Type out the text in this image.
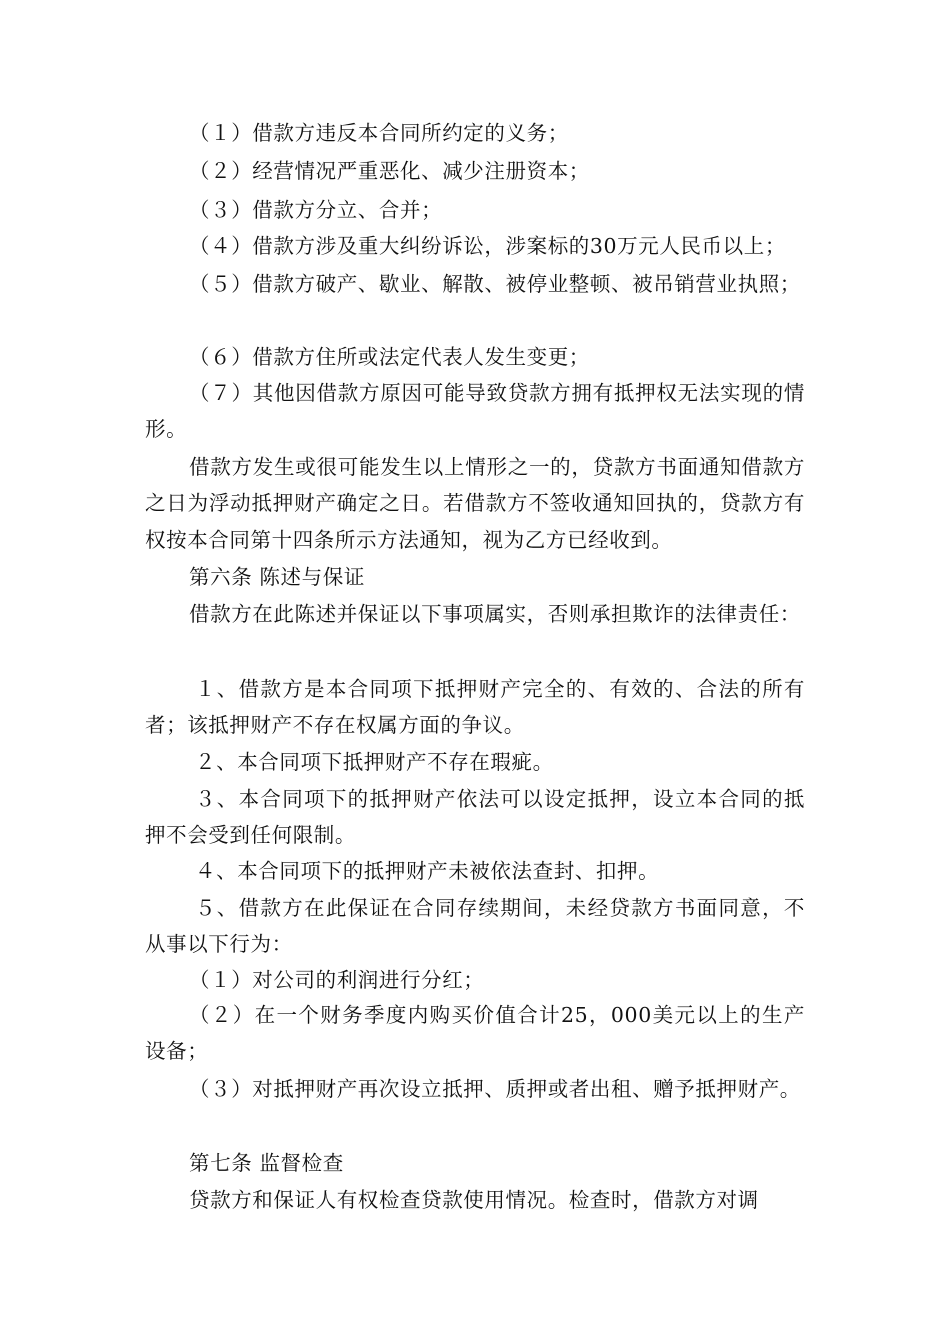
（１）借款方违反本合同所约定的义务；

（２）经营情况严重恶化、减少注册资本；

（３）借款方分立、合并；

（４）借款方涉及重大纠纷诉讼，涉案标的30万元人民币以上；

（５）借款方破产、歇业、解散、被停业整顿、被吊销营业执照；

（６）借款方住所或法定代表人发生变更；

（７）其他因借款方原因可能导致贷款方拥有抵押权无法实现的情形。

借款方发生或很可能发生以上情形之一的，贷款方书面通知借款方之日为浮动抵押财产确定之日。若借款方不签收通知回执的，贷款方有权按本合同第十四条所示方法通知，视为乙方已经收到。

第六条 陈述与保证

借款方在此陈述并保证以下事项属实，否则承担欺诈的法律责任：

１、借款方是本合同项下抵押财产完全的、有效的、合法的所有者；该抵押财产不存在权属方面的争议。

２、本合同项下抵押财产不存在瑕疵。

３、本合同项下的抵押财产依法可以设定抵押，设立本合同的抵押不会受到任何限制。

４、本合同项下的抵押财产未被依法查封、扣押。

５、借款方在此保证在合同存续期间，未经贷款方书面同意，不从事以下行为：

（１）对公司的利润进行分红；

（２）在一个财务季度内购买价值合计25，000美元以上的生产设备；

（３）对抵押财产再次设立抵押、质押或者出租、赠予抵押财产。

第七条 监督检查

贷款方和保证人有权检查贷款使用情况。检查时，借款方对调
